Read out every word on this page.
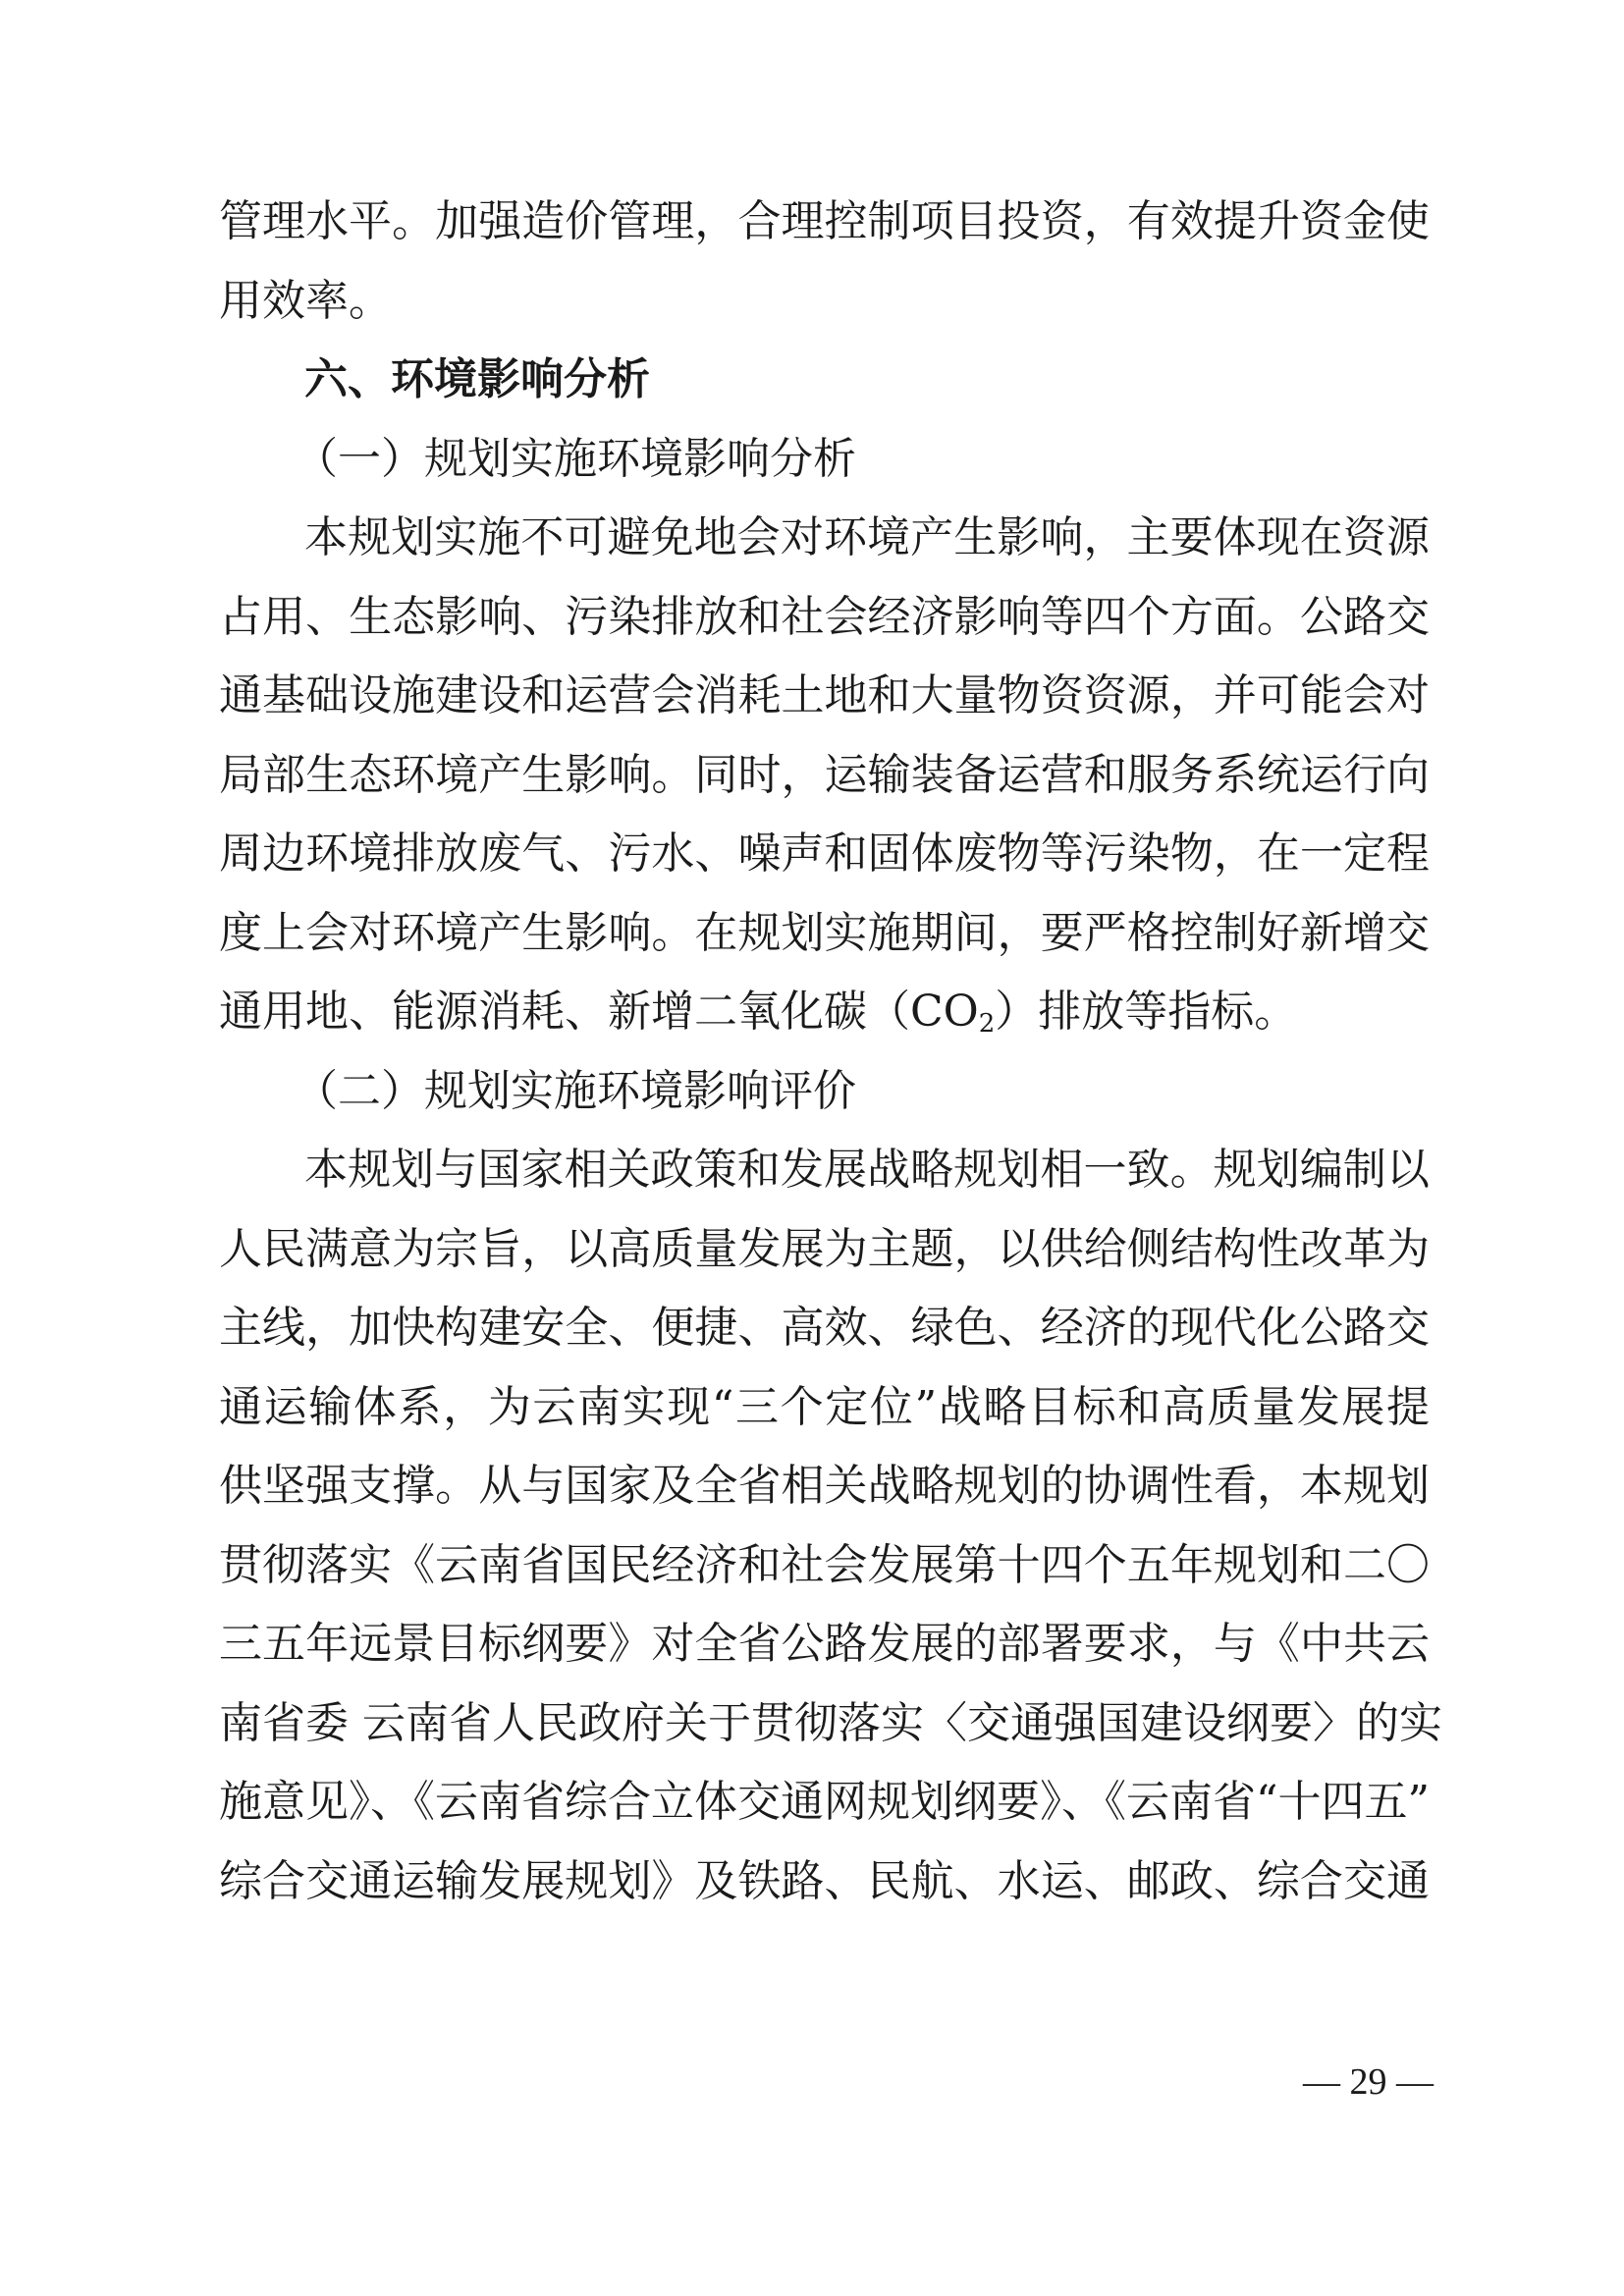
管理水平。加强造价管理，合理控制项目投资，有效提升资金使
用效率。
六、环境影响分析
（一）规划实施环境影响分析
本规划实施不可避免地会对环境产生影响，主要体现在资源
占用、生态影响、污染排放和社会经济影响等四个方面。公路交
通基础设施建设和运营会消耗土地和大量物资资源，并可能会对
局部生态环境产生影响。同时，运输装备运营和服务系统运行向
周边环境排放废气、污水、噪声和固体废物等污染物，在一定程
度上会对环境产生影响。在规划实施期间，要严格控制好新增交
通用地、能源消耗、新增二氧化碳$(CO_2)$排放等指标。
（二）规划实施环境影响评价
本规划与国家相关政策和发展战略规划相一致。规划编制以
人民满意为宗旨，以高质量发展为主题，以供给侧结构性改革为
主线，加快构建安全、便捷、高效、绿色、经济的现代化公路交
通运输体系，为云南实现“三个定位”战略目标和高质量发展提
供坚强支撑。从与国家及全省相关战略规划的协调性看，本规划
贯彻落实《云南省国民经济和社会发展第十四个五年规划和二〇
三五年远景目标纲要》对全省公路发展的部署要求，与《中共云
南省委 云南省人民政府关于贯彻落实〈交通强国建设纲要〉的实
施意见》、《云南省综合立体交通网规划纲要》、《云南省“十四五”
综合交通运输发展规划》及铁路、民航、水运、邮政、综合交通
— 29 —
